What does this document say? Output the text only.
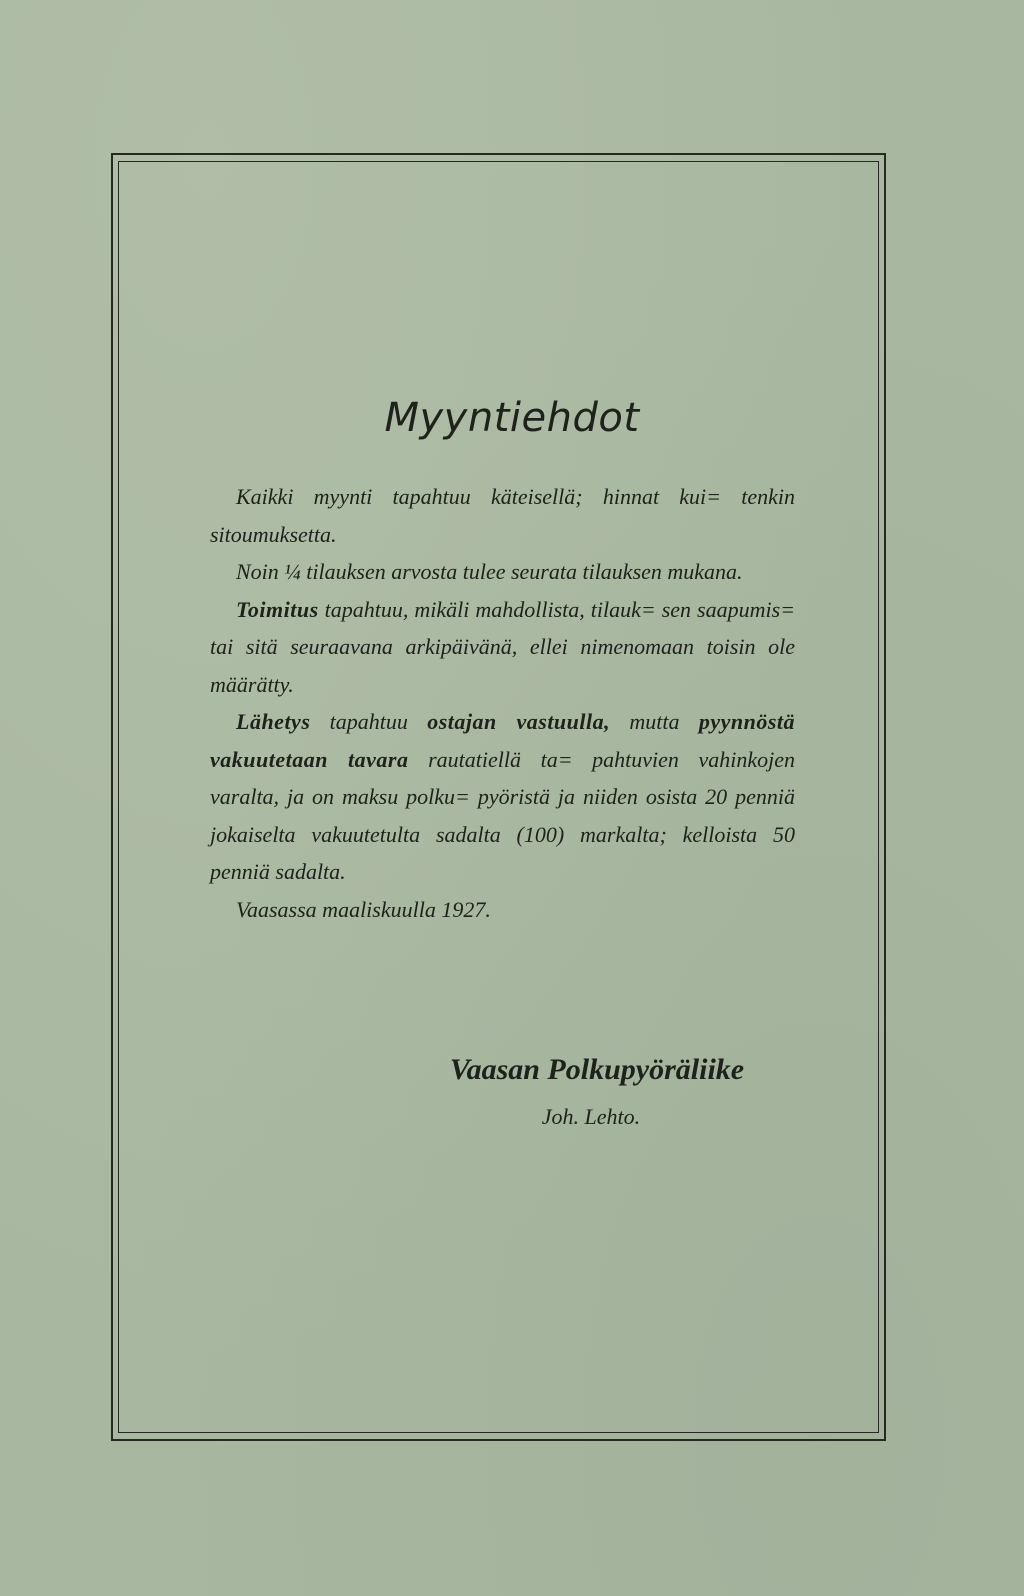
Myyntiehdot

Kaikki myynti tapahtuu käteisellä; hinnat kui= tenkin sitoumuksetta.

Noin ¼ tilauksen arvosta tulee seurata tilauksen mukana.

Toimitus tapahtuu, mikäli mahdollista, tilauk= sen saapumis= tai sitä seuraavana arkipäivänä, ellei nimenomaan toisin ole määrätty.

Lähetys tapahtuu ostajan vastuulla, mutta pyynnöstä vakuutetaan tavara rautatiellä ta= pahtuvien vahinkojen varalta, ja on maksu polku= pyöristä ja niiden osista 20 penniä jokaiselta vakuutetulta sadalta (100) markalta; kelloista 50 penniä sadalta.

Vaasassa maaliskuulla 1927.

Vaasan Polkupyöräliike
Joh. Lehto.
